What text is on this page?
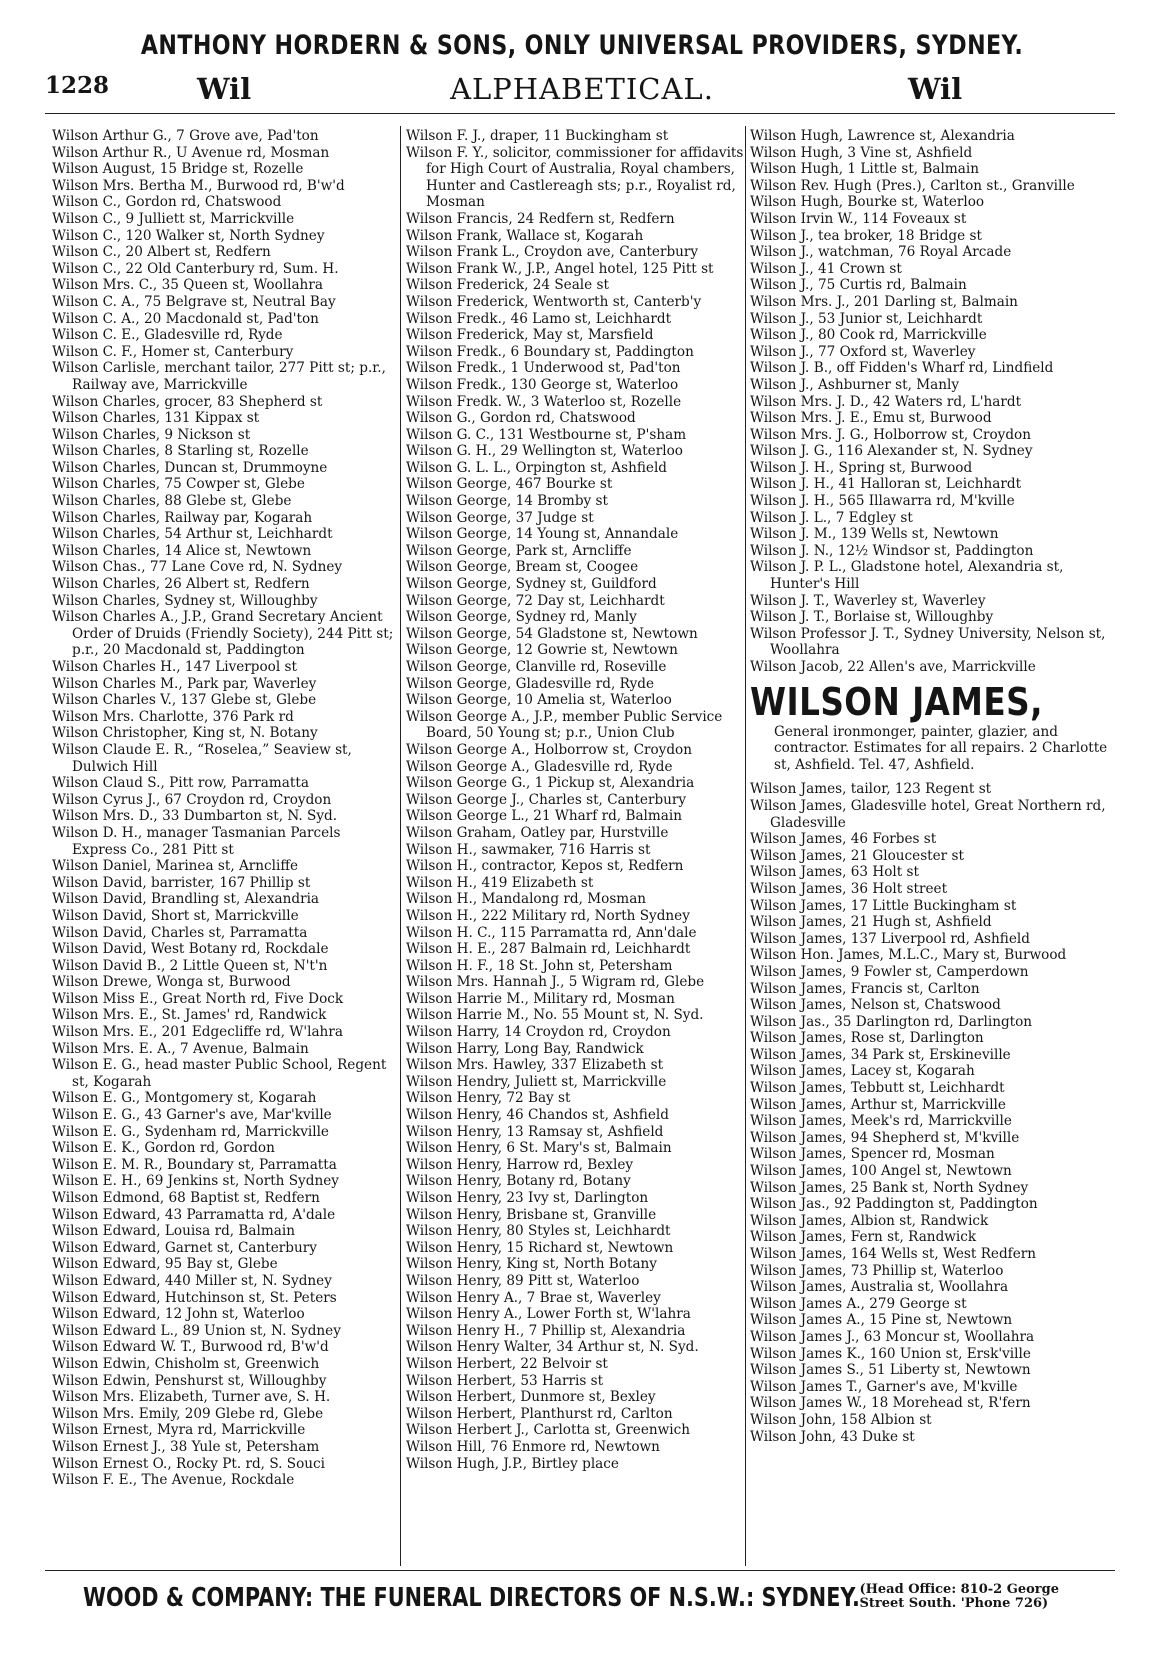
ANTHONY HORDERN & SONS, ONLY UNIVERSAL PROVIDERS, SYDNEY.
1228	Wil	ALPHABETICAL.	Wil
Wilson Arthur G., 7 Grove ave, Pad'ton
Wilson Arthur R., U Avenue rd, Mosman
Wilson August, 15 Bridge st, Rozelle
Wilson Mrs. Bertha M., Burwood rd, B'w'd
Wilson C., Gordon rd, Chatswood
Wilson C., 9 Julliett st, Marrickville
Wilson C., 120 Walker st, North Sydney
Wilson C., 20 Albert st, Redfern
Wilson C., 22 Old Canterbury rd, Sum. H.
Wilson Mrs. C., 35 Queen st, Woollahra
Wilson C. A., 75 Belgrave st, Neutral Bay
Wilson C. A., 20 Macdonald st, Pad'ton
Wilson C. E., Gladesville rd, Ryde
Wilson C. F., Homer st, Canterbury
Wilson Carlisle, merchant tailor, 277 Pitt st; p.r., Railway ave, Marrickville
Wilson Charles, grocer, 83 Shepherd st
Wilson Charles, 131 Kippax st
Wilson Charles, 9 Nickson st
Wilson Charles, 8 Starling st, Rozelle
Wilson Charles, Duncan st, Drummoyne
Wilson Charles, 75 Cowper st, Glebe
Wilson Charles, 88 Glebe st, Glebe
Wilson Charles, Railway par, Kogarah
Wilson Charles, 54 Arthur st, Leichhardt
Wilson Charles, 14 Alice st, Newtown
Wilson Chas., 77 Lane Cove rd, N. Sydney
Wilson Charles, 26 Albert st, Redfern
Wilson Charles, Sydney st, Willoughby
Wilson Charles A., J.P., Grand Secretary Ancient Order of Druids (Friendly Society), 244 Pitt st; p.r., 20 Macdonald st, Paddington
Wilson Charles H., 147 Liverpool st
Wilson Charles M., Park par, Waverley
Wilson Charles V., 137 Glebe st, Glebe
Wilson Mrs. Charlotte, 376 Park rd
Wilson Christopher, King st, N. Botany
Wilson Claude E. R., “Roselea,” Seaview st, Dulwich Hill
Wilson Claud S., Pitt row, Parramatta
Wilson Cyrus J., 67 Croydon rd, Croydon
Wilson Mrs. D., 33 Dumbarton st, N. Syd.
Wilson D. H., manager Tasmanian Parcels Express Co., 281 Pitt st
Wilson Daniel, Marinea st, Arncliffe
Wilson David, barrister, 167 Phillip st
Wilson David, Brandling st, Alexandria
Wilson David, Short st, Marrickville
Wilson David, Charles st, Parramatta
Wilson David, West Botany rd, Rockdale
Wilson David B., 2 Little Queen st, N't'n
Wilson Drewe, Wonga st, Burwood
Wilson Miss E., Great North rd, Five Dock
Wilson Mrs. E., St. James' rd, Randwick
Wilson Mrs. E., 201 Edgecliffe rd, W'lahra
Wilson Mrs. E. A., 7 Avenue, Balmain
Wilson E. G., head master Public School, Regent st, Kogarah
Wilson E. G., Montgomery st, Kogarah
Wilson E. G., 43 Garner's ave, Mar'kville
Wilson E. G., Sydenham rd, Marrickville
Wilson E. K., Gordon rd, Gordon
Wilson E. M. R., Boundary st, Parramatta
Wilson E. H., 69 Jenkins st, North Sydney
Wilson Edmond, 68 Baptist st, Redfern
Wilson Edward, 43 Parramatta rd, A'dale
Wilson Edward, Louisa rd, Balmain
Wilson Edward, Garnet st, Canterbury
Wilson Edward, 95 Bay st, Glebe
Wilson Edward, 440 Miller st, N. Sydney
Wilson Edward, Hutchinson st, St. Peters
Wilson Edward, 12 John st, Waterloo
Wilson Edward L., 89 Union st, N. Sydney
Wilson Edward W. T., Burwood rd, B'w'd
Wilson Edwin, Chisholm st, Greenwich
Wilson Edwin, Penshurst st, Willoughby
Wilson Mrs. Elizabeth, Turner ave, S. H.
Wilson Mrs. Emily, 209 Glebe rd, Glebe
Wilson Ernest, Myra rd, Marrickville
Wilson Ernest J., 38 Yule st, Petersham
Wilson Ernest O., Rocky Pt. rd, S. Souci
Wilson F. E., The Avenue, Rockdale
Wilson F. J., draper, 11 Buckingham st
Wilson F. Y., solicitor, commissioner for affidavits for High Court of Australia, Royal chambers, Hunter and Castlereagh sts; p.r., Royalist rd, Mosman
Wilson Francis, 24 Redfern st, Redfern
Wilson Frank, Wallace st, Kogarah
Wilson Frank L., Croydon ave, Canterbury
Wilson Frank W., J.P., Angel hotel, 125 Pitt st
Wilson Frederick, 24 Seale st
Wilson Frederick, Wentworth st, Canterb'y
Wilson Fredk., 46 Lamo st, Leichhardt
Wilson Frederick, May st, Marsfield
Wilson Fredk., 6 Boundary st, Paddington
Wilson Fredk., 1 Underwood st, Pad'ton
Wilson Fredk., 130 George st, Waterloo
Wilson Fredk. W., 3 Waterloo st, Rozelle
Wilson G., Gordon rd, Chatswood
Wilson G. C., 131 Westbourne st, P'sham
Wilson G. H., 29 Wellington st, Waterloo
Wilson G. L. L., Orpington st, Ashfield
Wilson George, 467 Bourke st
Wilson George, 14 Bromby st
Wilson George, 37 Judge st
Wilson George, 14 Young st, Annandale
Wilson George, Park st, Arncliffe
Wilson George, Bream st, Coogee
Wilson George, Sydney st, Guildford
Wilson George, 72 Day st, Leichhardt
Wilson George, Sydney rd, Manly
Wilson George, 54 Gladstone st, Newtown
Wilson George, 12 Gowrie st, Newtown
Wilson George, Clanville rd, Roseville
Wilson George, Gladesville rd, Ryde
Wilson George, 10 Amelia st, Waterloo
Wilson George A., J.P., member Public Service Board, 50 Young st; p.r., Union Club
Wilson George A., Holborrow st, Croydon
Wilson George A., Gladesville rd, Ryde
Wilson George G., 1 Pickup st, Alexandria
Wilson George J., Charles st, Canterbury
Wilson George L., 21 Wharf rd, Balmain
Wilson Graham, Oatley par, Hurstville
Wilson H., sawmaker, 716 Harris st
Wilson H., contractor, Kepos st, Redfern
Wilson H., 419 Elizabeth st
Wilson H., Mandalong rd, Mosman
Wilson H., 222 Military rd, North Sydney
Wilson H. C., 115 Parramatta rd, Ann'dale
Wilson H. E., 287 Balmain rd, Leichhardt
Wilson H. F., 18 St. John st, Petersham
Wilson Mrs. Hannah J., 5 Wigram rd, Glebe
Wilson Harrie M., Military rd, Mosman
Wilson Harrie M., No. 55 Mount st, N. Syd.
Wilson Harry, 14 Croydon rd, Croydon
Wilson Harry, Long Bay, Randwick
Wilson Mrs. Hawley, 337 Elizabeth st
Wilson Hendry, Juliett st, Marrickville
Wilson Henry, 72 Bay st
Wilson Henry, 46 Chandos st, Ashfield
Wilson Henry, 13 Ramsay st, Ashfield
Wilson Henry, 6 St. Mary's st, Balmain
Wilson Henry, Harrow rd, Bexley
Wilson Henry, Botany rd, Botany
Wilson Henry, 23 Ivy st, Darlington
Wilson Henry, Brisbane st, Granville
Wilson Henry, 80 Styles st, Leichhardt
Wilson Henry, 15 Richard st, Newtown
Wilson Henry, King st, North Botany
Wilson Henry, 89 Pitt st, Waterloo
Wilson Henry A., 7 Brae st, Waverley
Wilson Henry A., Lower Forth st, W'lahra
Wilson Henry H., 7 Phillip st, Alexandria
Wilson Henry Walter, 34 Arthur st, N. Syd.
Wilson Herbert, 22 Belvoir st
Wilson Herbert, 53 Harris st
Wilson Herbert, Dunmore st, Bexley
Wilson Herbert, Planthurst rd, Carlton
Wilson Herbert J., Carlotta st, Greenwich
Wilson Hill, 76 Enmore rd, Newtown
Wilson Hugh, J.P., Birtley place
Wilson Hugh, Lawrence st, Alexandria
Wilson Hugh, 3 Vine st, Ashfield
Wilson Hugh, 1 Little st, Balmain
Wilson Rev. Hugh (Pres.), Carlton st., Granville
Wilson Hugh, Bourke st, Waterloo
Wilson Irvin W., 114 Foveaux st
Wilson J., tea broker, 18 Bridge st
Wilson J., watchman, 76 Royal Arcade
Wilson J., 41 Crown st
Wilson J., 75 Curtis rd, Balmain
Wilson Mrs. J., 201 Darling st, Balmain
Wilson J., 53 Junior st, Leichhardt
Wilson J., 80 Cook rd, Marrickville
Wilson J., 77 Oxford st, Waverley
Wilson J. B., off Fidden's Wharf rd, Lindfield
Wilson J., Ashburner st, Manly
Wilson Mrs. J. D., 42 Waters rd, L'hardt
Wilson Mrs. J. E., Emu st, Burwood
Wilson Mrs. J. G., Holborrow st, Croydon
Wilson J. G., 116 Alexander st, N. Sydney
Wilson J. H., Spring st, Burwood
Wilson J. H., 41 Halloran st, Leichhardt
Wilson J. H., 565 Illawarra rd, M'kville
Wilson J. L., 7 Edgley st
Wilson J. M., 139 Wells st, Newtown
Wilson J. N., 12½ Windsor st, Paddington
Wilson J. P. L., Gladstone hotel, Alexandria st, Hunter's Hill
Wilson J. T., Waverley st, Waverley
Wilson J. T., Borlaise st, Willoughby
Wilson Professor J. T., Sydney University, Nelson st, Woollahra
Wilson Jacob, 22 Allen's ave, Marrickville
WILSON JAMES,
General ironmonger, painter, glazier, and contractor. Estimates for all repairs. 2 Charlotte st, Ashfield. Tel. 47, Ashfield.
Wilson James, tailor, 123 Regent st
Wilson James, Gladesville hotel, Great Northern rd, Gladesville
Wilson James, 46 Forbes st
Wilson James, 21 Gloucester st
Wilson James, 63 Holt st
Wilson James, 36 Holt street
Wilson James, 17 Little Buckingham st
Wilson James, 21 Hugh st, Ashfield
Wilson James, 137 Liverpool rd, Ashfield
Wilson Hon. James, M.L.C., Mary st, Burwood
Wilson James, 9 Fowler st, Camperdown
Wilson James, Francis st, Carlton
Wilson James, Nelson st, Chatswood
Wilson Jas., 35 Darlington rd, Darlington
Wilson James, Rose st, Darlington
Wilson James, 34 Park st, Erskineville
Wilson James, Lacey st, Kogarah
Wilson James, Tebbutt st, Leichhardt
Wilson James, Arthur st, Marrickville
Wilson James, Meek's rd, Marrickville
Wilson James, 94 Shepherd st, M'kville
Wilson James, Spencer rd, Mosman
Wilson James, 100 Angel st, Newtown
Wilson James, 25 Bank st, North Sydney
Wilson Jas., 92 Paddington st, Paddington
Wilson James, Albion st, Randwick
Wilson James, Fern st, Randwick
Wilson James, 164 Wells st, West Redfern
Wilson James, 73 Phillip st, Waterloo
Wilson James, Australia st, Woollahra
Wilson James A., 279 George st
Wilson James A., 15 Pine st, Newtown
Wilson James J., 63 Moncur st, Woollahra
Wilson James K., 160 Union st, Ersk'ville
Wilson James S., 51 Liberty st, Newtown
Wilson James T., Garner's ave, M'kville
Wilson James W., 18 Morehead st, R'fern
Wilson John, 158 Albion st
Wilson John, 43 Duke st
WOOD & COMPANY: THE FUNERAL DIRECTORS OF N.S.W.: SYDNEY. (Head Office: 810-2 George
Street South. 'Phone 726)
